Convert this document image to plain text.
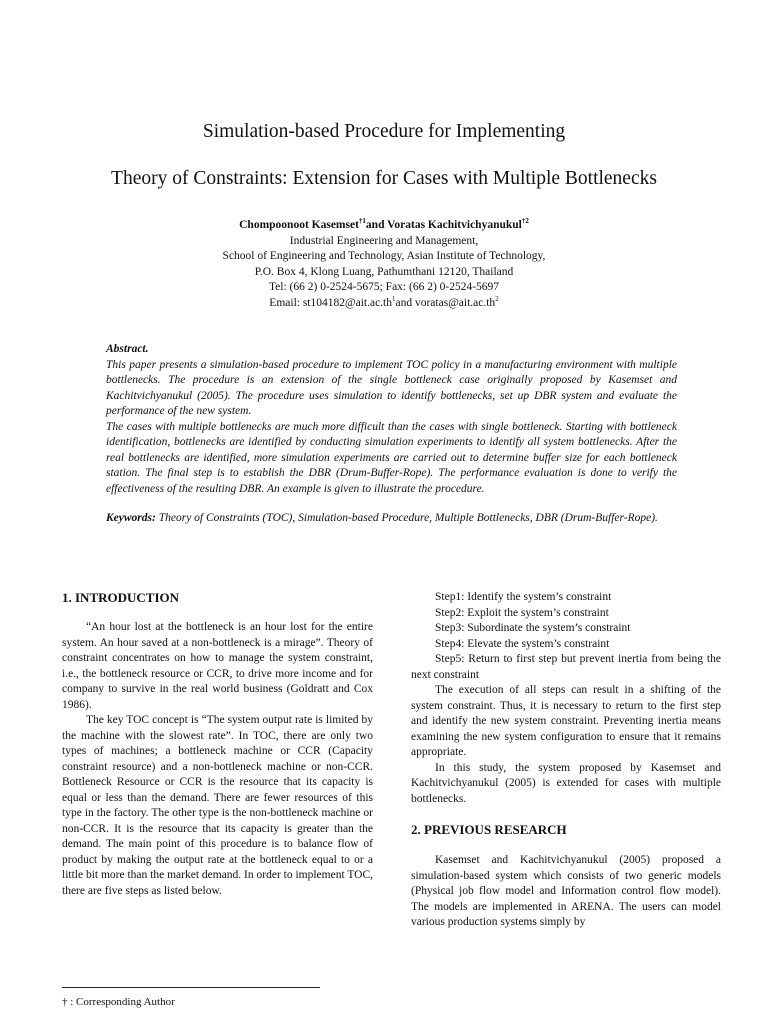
Simulation-based Procedure for Implementing
Theory of Constraints: Extension for Cases with Multiple Bottlenecks
Chompoonoot Kasemset$^{\dagger 1}$and Voratas Kachitvichyanukul$^{\dagger 2}$
Industrial Engineering and Management,
School of Engineering and Technology, Asian Institute of Technology,
P.O. Box 4, Klong Luang, Pathumthani 12120, Thailand
Tel: (66 2) 0-2524-5675; Fax: (66 2) 0-2524-5697
Email: $st104182@ait.ac.th^1and$ $voratas@ait.ac.th^2$

Abstract.

This paper presents a simulation-based procedure to implement TOC policy in a manufacturing environment with multiple bottlenecks. The procedure is an extension of the single bottleneck case originally proposed by Kasemset and Kachitvichyanukul (2005). The procedure uses simulation to identify bottlenecks, set up DBR system and evaluate the performance of the new system.

The cases with multiple bottlenecks are much more difficult than the cases with single bottleneck. Starting with bottleneck identification, bottlenecks are identified by conducting simulation experiments to identify all system bottlenecks. After the real bottlenecks are identified, more simulation experiments are carried out to determine buffer size for each bottleneck station. The final step is to establish the DBR (Drum-Buffer-Rope). The performance evaluation is done to verify the effectiveness of the resulting DBR. An example is given to illustrate the procedure.

Keywords: Theory of Constraints (TOC), Simulation-based Procedure, Multiple Bottlenecks, DBR (Drum-Buffer-Rope).

1. INTRODUCTION

“An hour lost at the bottleneck is an hour lost for the entire system. An hour saved at a non-bottleneck is a mirage”. Theory of constraint concentrates on how to manage the system constraint, i.e., the bottleneck resource or CCR, to drive more income and for company to survive in the real world business (Goldratt and Cox 1986).

The key TOC concept is “The system output rate is limited by the machine with the slowest rate”. In TOC, there are only two types of machines; a bottleneck machine or CCR (Capacity constraint resource) and a non-bottleneck machine or non-CCR. Bottleneck Resource or CCR is the resource that its capacity is equal or less than the demand. There are fewer resources of this type in the factory. The other type is the non-bottleneck machine or non-CCR. It is the resource that its capacity is greater than the demand. The main point of this procedure is to balance flow of product by making the output rate at the bottleneck equal to or a little bit more than the market demand. In order to implement TOC, there are five steps as listed below.

Step1: Identify the system’s constraint

Step2: Exploit the system’s constraint

Step3: Subordinate the system’s constraint

Step4: Elevate the system’s constraint

Step5: Return to first step but prevent inertia from being the next constraint

The execution of all steps can result in a shifting of the system constraint. Thus, it is necessary to return to the first step and identify the new system constraint. Preventing inertia means examining the new system configuration to ensure that it remains appropriate.

In this study, the system proposed by Kasemset and Kachitvichyanukul (2005) is extended for cases with multiple bottlenecks.

2. PREVIOUS RESEARCH

Kasemset and Kachitvichyanukul (2005) proposed a simulation-based system which consists of two generic models (Physical job flow model and Information control flow model). The models are implemented in ARENA. The users can model various production systems simply by

† : Corresponding Author
